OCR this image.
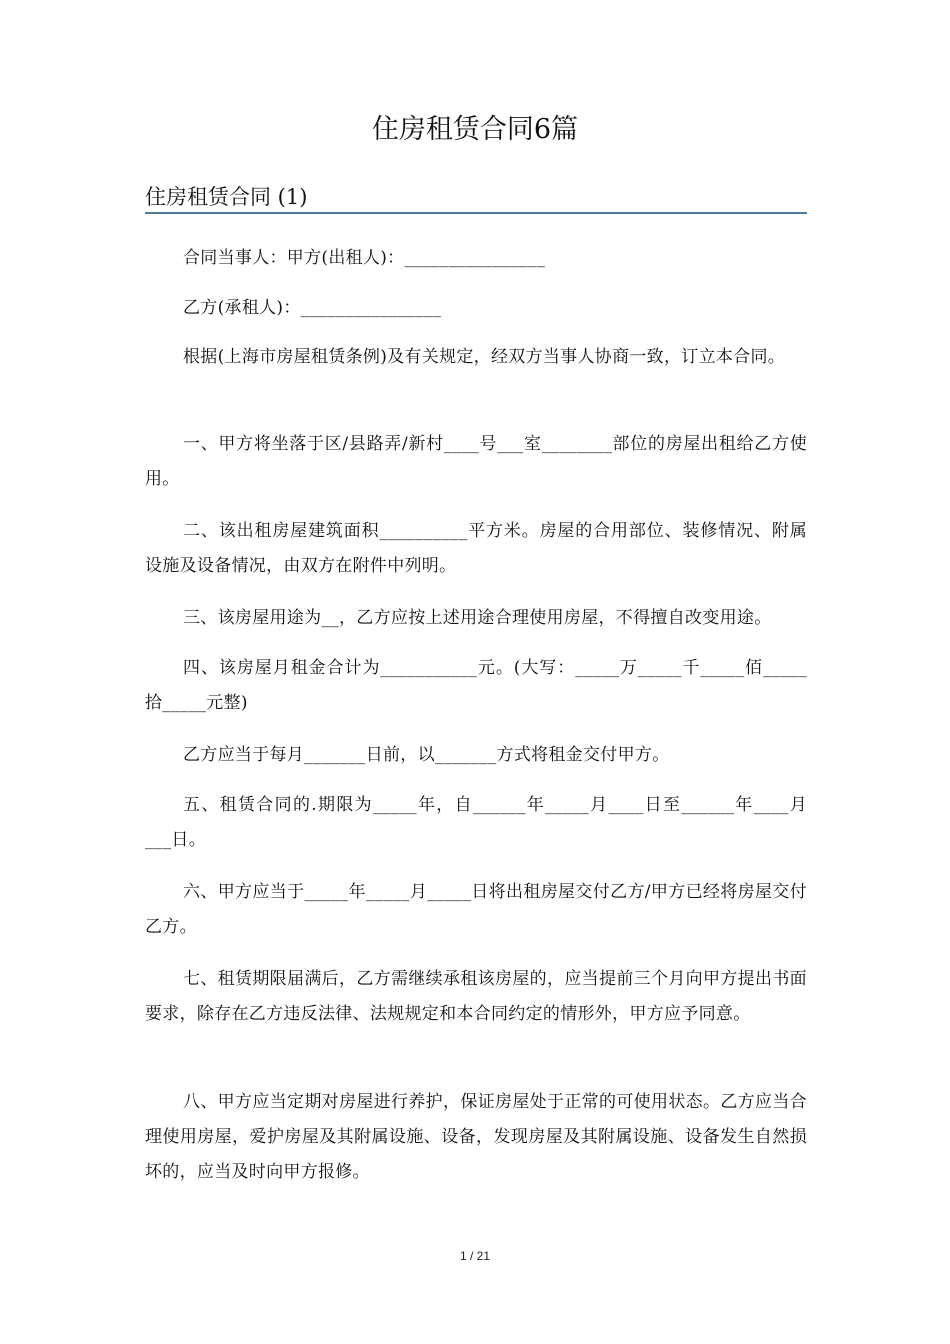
住房租赁合同6篇
住房租赁合同 (1)

合同当事人：甲方(出租人)：________________

乙方(承租人)：________________

根据(上海市房屋租赁条例)及有关规定，经双方当事人协商一致，订立本合同。

一、甲方将坐落于区/县路弄/新村____号___室________部位的房屋出租给乙方使用。

二、该出租房屋建筑面积__________平方米。房屋的合用部位、装修情况、附属设施及设备情况，由双方在附件中列明。

三、该房屋用途为__，乙方应按上述用途合理使用房屋，不得擅自改变用途。

四、该房屋月租金合计为___________元。(大写：_____万_____千_____佰_____拾_____元整)

乙方应当于每月_______日前，以_______方式将租金交付甲方。

五、租赁合同的.期限为_____年，自______年_____月____日至______年____月___日。

六、甲方应当于_____年_____月_____日将出租房屋交付乙方/甲方已经将房屋交付乙方。

七、租赁期限届满后，乙方需继续承租该房屋的，应当提前三个月向甲方提出书面要求，除存在乙方违反法律、法规规定和本合同约定的情形外，甲方应予同意。

八、甲方应当定期对房屋进行养护，保证房屋处于正常的可使用状态。乙方应当合理使用房屋，爱护房屋及其附属设施、设备，发现房屋及其附属设施、设备发生自然损坏的，应当及时向甲方报修。

1 / 21
